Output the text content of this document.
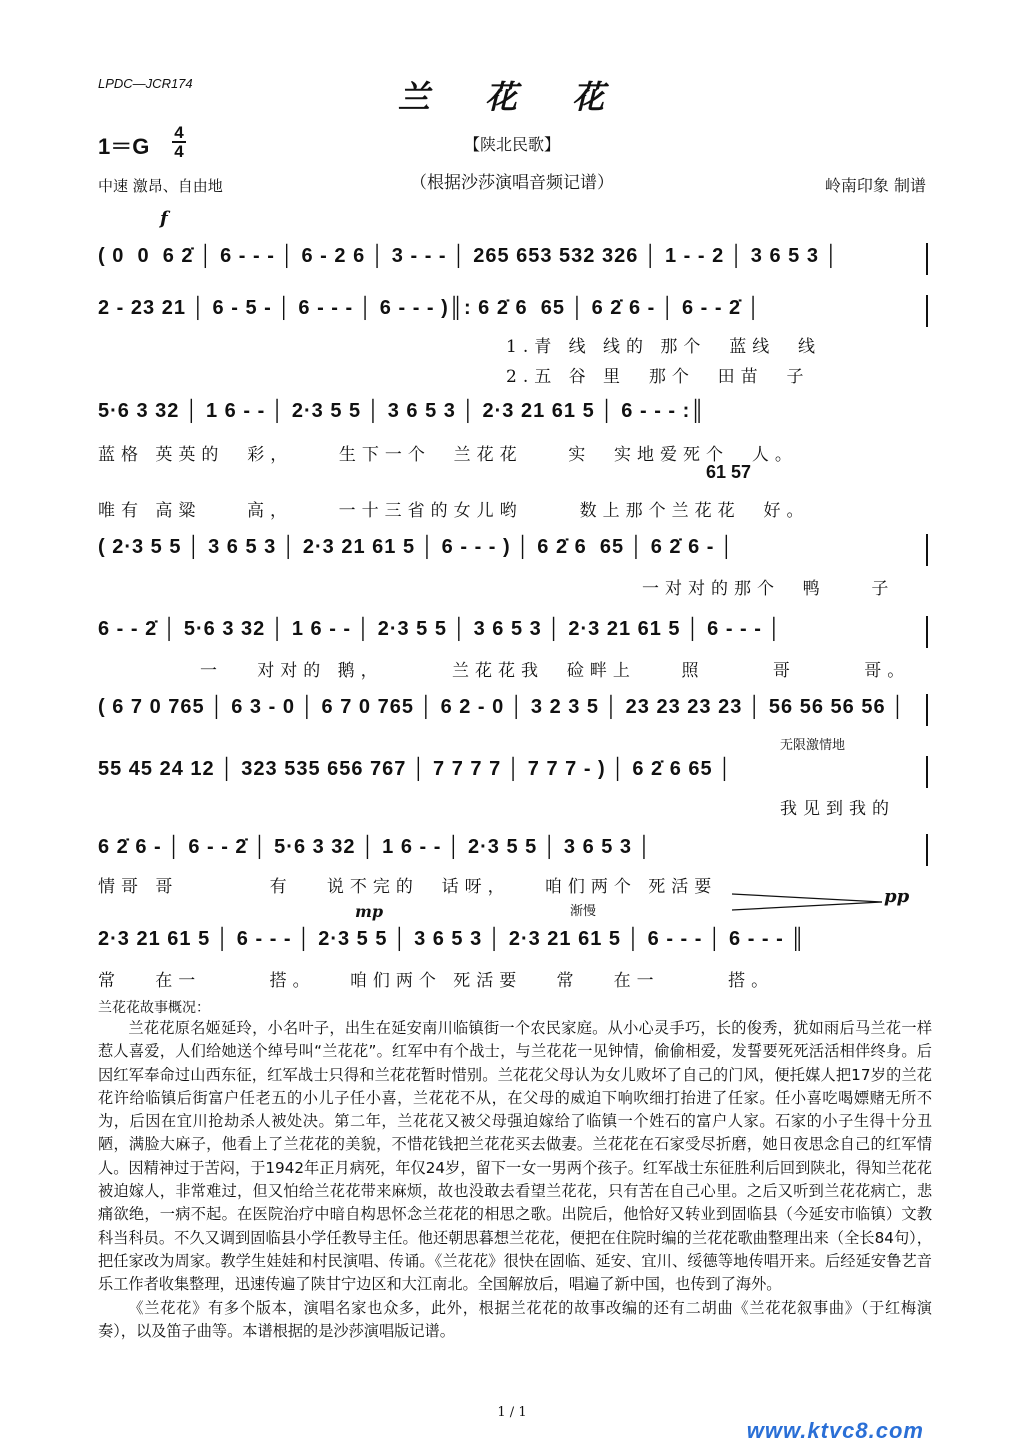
LPDC—JCR174	兰 花 花
1＝G
4
4	【陕北民歌】
（根据沙莎演唱音频记谱）
中速 激昂、自由地	岭南印象 制谱
f
( 0  0  6 2̇ │ 6 - - - │ 6 - 2 6 │ 3 - - - │ 265 653 532 326 │ 1 - - 2 │ 3 6 5 3 │
2 - 23 21 │ 6 - 5 - │ 6 - - - │ 6 - - - )║: 6 2̇ 6  65 │ 6 2̇ 6 - │ 6 - - 2̇ │
1.青 线 线的 那个  蓝线  线
2.五 谷 里  那个  田苗  子
5·6 3 32 │ 1 6 - - │ 2·3 5 5 │ 3 6 5 3 │ 2·3 21 61 5 │ 6 - - - :║
蓝格 英英的  彩，    生下一个  兰花花    实  实地爱死个  人。
61 57
唯有 高粱    高，    一十三省的女儿哟     数上那个兰花花  好。
( 2·3 5 5 │ 3 6 5 3 │ 2·3 21 61 5 │ 6 - - - ) │ 6 2̇ 6  65 │ 6 2̇ 6 - │
一对对的那个  鸭    子
6 - - 2̇ │ 5·6 3 32 │ 1 6 - - │ 2·3 5 5 │ 3 6 5 3 │ 2·3 21 61 5 │ 6 - - - │
一   对对的 鹅，      兰花花我  硷畔上    照      哥      哥。
( 6 7 0 765 │ 6 3 - 0 │ 6 7 0 765 │ 6 2 - 0 │ 3 2 3 5 │ 23 23 23 23 │ 56 56 56 56 │
无限激情地
55 45 24 12 │ 323 535 656 767 │ 7 7 7 7 │ 7 7 7 - ) │ 6 2̇ 6 65 │
我见到我的
6 2̇ 6 - │ 6 - - 2̇ │ 5·6 3 32 │ 1 6 - - │ 2·3 5 5 │ 3 6 5 3 │
情哥 哥        有   说不完的  话呀，   咱们两个 死活要
mp	渐慢
pp
2·3 21 61 5 │ 6 - - - │ 2·3 5 5 │ 3 6 5 3 │ 2·3 21 61 5 │ 6 - - - │ 6 - - - ║
常   在一      搭。   咱们两个 死活要   常   在一      搭。
兰花花故事概况：

兰花花原名姬延玲，小名叶子，出生在延安南川临镇街一个农民家庭。从小心灵手巧，长的俊秀，犹如雨后马兰花一样惹人喜爱，人们给她送个绰号叫“兰花花”。红军中有个战士，与兰花花一见钟情，偷偷相爱，发誓要死死活活相伴终身。后因红军奉命过山西东征，红军战士只得和兰花花暂时惜别。兰花花父母认为女儿败坏了自己的门风，便托媒人把17岁的兰花花许给临镇后街富户任老五的小儿子任小喜，兰花花不从，在父母的威迫下响吹细打抬进了任家。任小喜吃喝嫖赌无所不为，后因在宜川抢劫杀人被处决。第二年，兰花花又被父母强迫嫁给了临镇一个姓石的富户人家。石家的小子生得十分丑陋，满脸大麻子，他看上了兰花花的美貌，不惜花钱把兰花花买去做妻。兰花花在石家受尽折磨，她日夜思念自己的红军情人。因精神过于苦闷，于1942年正月病死，年仅24岁，留下一女一男两个孩子。红军战士东征胜利后回到陕北，得知兰花花被迫嫁人，非常难过，但又怕给兰花花带来麻烦，故也没敢去看望兰花花，只有苦在自己心里。之后又听到兰花花病亡，悲痛欲绝，一病不起。在医院治疗中暗自构思怀念兰花花的相思之歌。出院后，他恰好又转业到固临县（今延安市临镇）文教科当科员。不久又调到固临县小学任教导主任。他还朝思暮想兰花花，便把在住院时编的兰花花歌曲整理出来（全长84句），把任家改为周家。教学生娃娃和村民演唱、传诵。《兰花花》很快在固临、延安、宜川、绥德等地传唱开来。后经延安鲁艺音乐工作者收集整理，迅速传遍了陕甘宁边区和大江南北。全国解放后，唱遍了新中国，也传到了海外。

《兰花花》有多个版本，演唱名家也众多，此外，根据兰花花的故事改编的还有二胡曲《兰花花叙事曲》（于红梅演奏），以及笛子曲等。本谱根据的是沙莎演唱版记谱。

1 / 1
www.ktvc8.com
